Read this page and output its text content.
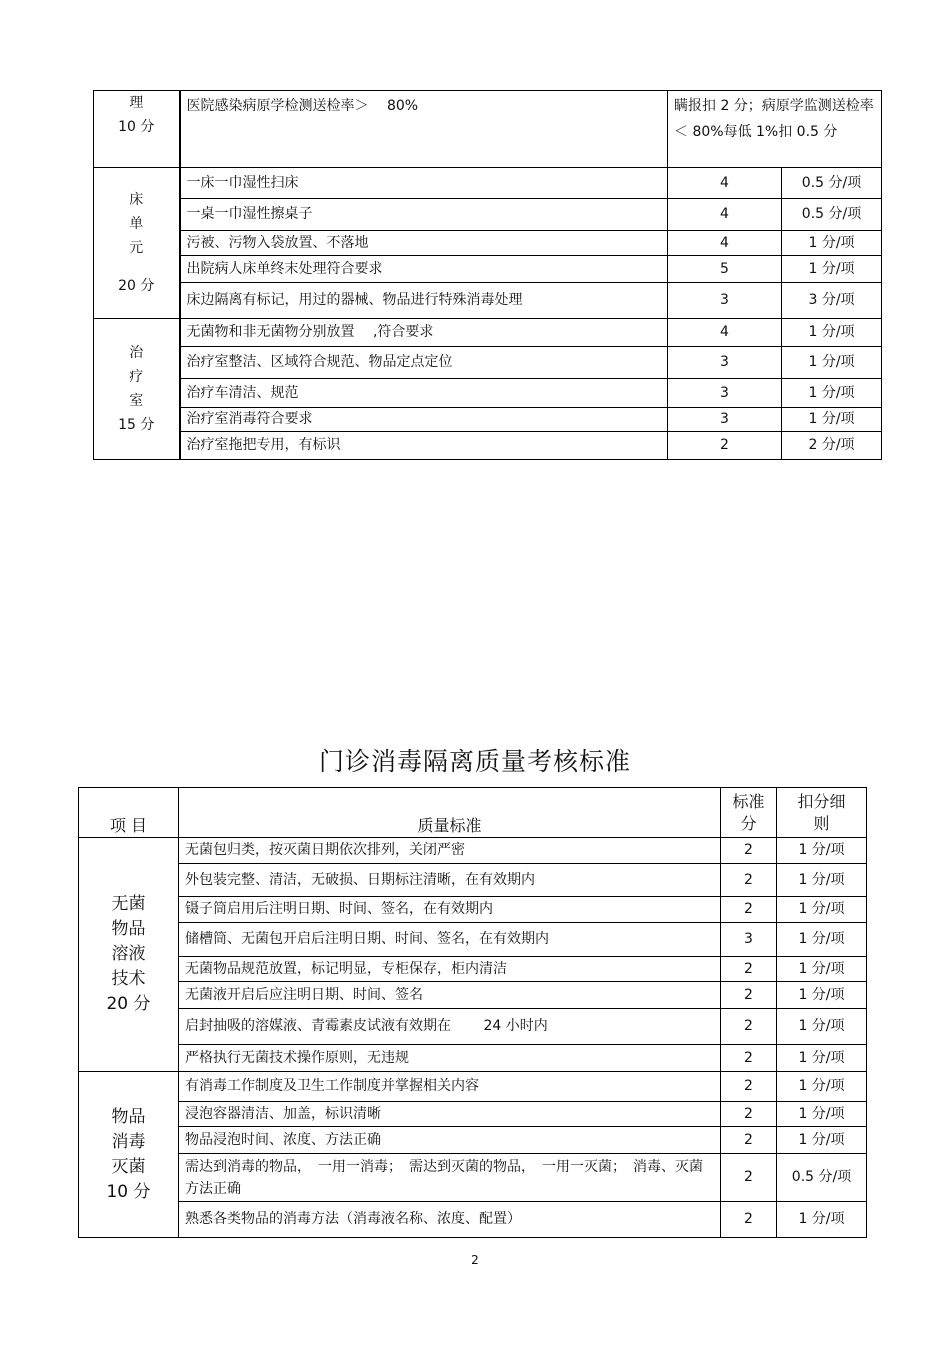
理
10 分	医院感染病原学检测送检率＞　 80%	瞒报扣 2 分；病原学监测送检率＜ 80%每低 1%扣 0.5 分	

床
单
元
20 分	一床一巾湿性扫床	4	0.5 分/项
	一桌一巾湿性擦桌子	4	0.5 分/项
	污被、污物入袋放置、不落地	4	1 分/项
	出院病人床单终末处理符合要求	5	1 分/项
	床边隔离有标记，用过的器械、物品进行特殊消毒处理	3	3 分/项

治
疗
室
15 分	无菌物和非无菌物分别放置　 ,符合要求	4	1 分/项
	治疗室整洁、区域符合规范、物品定点定位	3	1 分/项
	治疗车清洁、规范	3	1 分/项
	治疗室消毒符合要求	3	1 分/项
	治疗室拖把专用，有标识	2	2 分/项
门诊消毒隔离质量考核标准
项 目	质量标准	标准分	扣分细则

无菌
物品
溶液
技术
20 分	无菌包归类，按灭菌日期依次排列，关闭严密	2	1 分/项
	外包装完整、清洁，无破损、日期标注清晰，在有效期内	2	1 分/项
	镊子筒启用后注明日期、时间、签名，在有效期内	2	1 分/项
	储槽筒、无菌包开启后注明日期、时间、签名，在有效期内	3	1 分/项
	无菌物品规范放置，标记明显，专柜保存，柜内清洁	2	1 分/项
	无菌液开启后应注明日期、时间、签名	2	1 分/项
	启封抽吸的溶媒液、青霉素皮试液有效期在　　 24 小时内	2	1 分/项
	严格执行无菌技术操作原则，无违规	2	1 分/项

物品
消毒
灭菌
10 分	有消毒工作制度及卫生工作制度并掌握相关内容	2	1 分/项
	浸泡容器清洁、加盖，标识清晰	2	1 分/项
	物品浸泡时间、浓度、方法正确	2	1 分/项
	需达到消毒的物品，　一用一消毒；　需达到灭菌的物品，　一用一灭菌；　消毒、灭菌方法正确	2	0.5 分/项
	熟悉各类物品的消毒方法（消毒液名称、浓度、配置）	2	1 分/项
2
